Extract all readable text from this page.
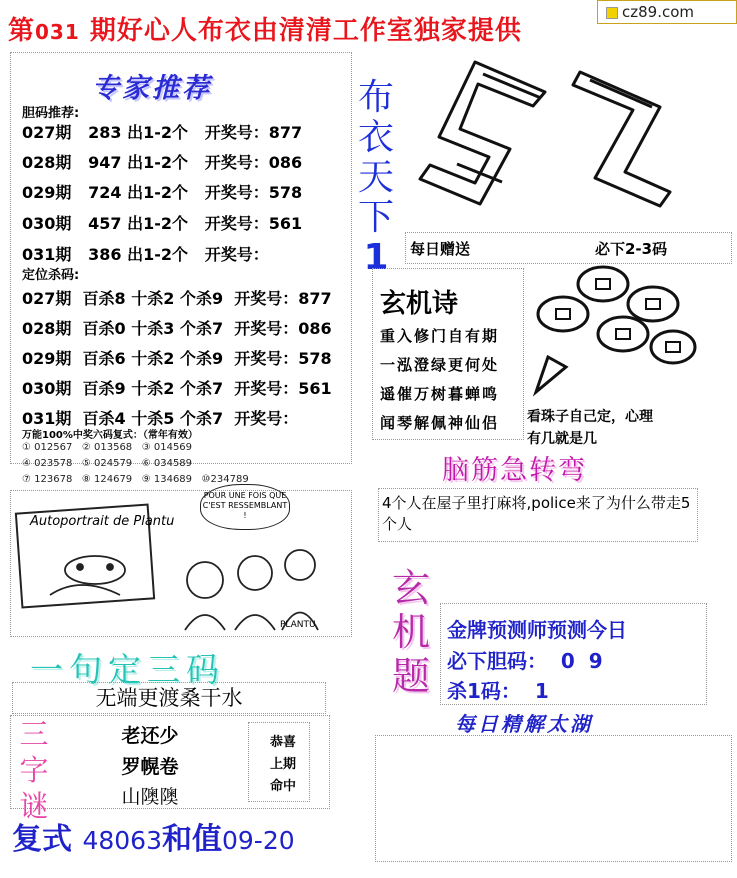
cz89.com
第031 期好心人布衣由清清工作室独家提供
专家推荐
胆码推荐:
027期   283 出1-2个   开奖号：877
028期   947 出1-2个   开奖号：086
029期   724 出1-2个   开奖号：578
030期   457 出1-2个   开奖号：561
031期   386 出1-2个   开奖号：
定位杀码:
027期  百杀8 十杀2 个杀9  开奖号：877
028期  百杀0 十杀3 个杀7  开奖号：086
029期  百杀6 十杀2 个杀9  开奖号：578
030期  百杀9 十杀2 个杀7  开奖号：561
031期  百杀4 十杀5 个杀7  开奖号：
万能100%中奖六码复式：（常年有效）
① 012567   ② 013568   ③ 014569
④ 023578   ⑤ 024579   ⑥ 034589
⑦ 123678   ⑧ 124679   ⑨ 134689   ⑩234789
Autoportrait de Plantu
POUR UNE FOIS QUE C'EST RESSEMBLANT !
PLANTU
布
衣
天
下
1	每日赠送	必下2-3码
玄机诗
重入修门自有期
一泓澄绿更何处
遥催万树暮蝉鸣
闻琴解佩神仙侣	看珠子自己定，心理
有几就是几
脑筋急转弯
4个人在屋子里打麻将,police来了为什么带走5个人
玄
机
题
金牌预测师预测今日
必下胆码：  0  9
杀1码：  1
每日精解太湖
一句定三码
无端更渡桑干水
三
字
谜
老还少
罗幌卷
山隩隩
恭喜
上期
命中
复式 48063和值09-20
